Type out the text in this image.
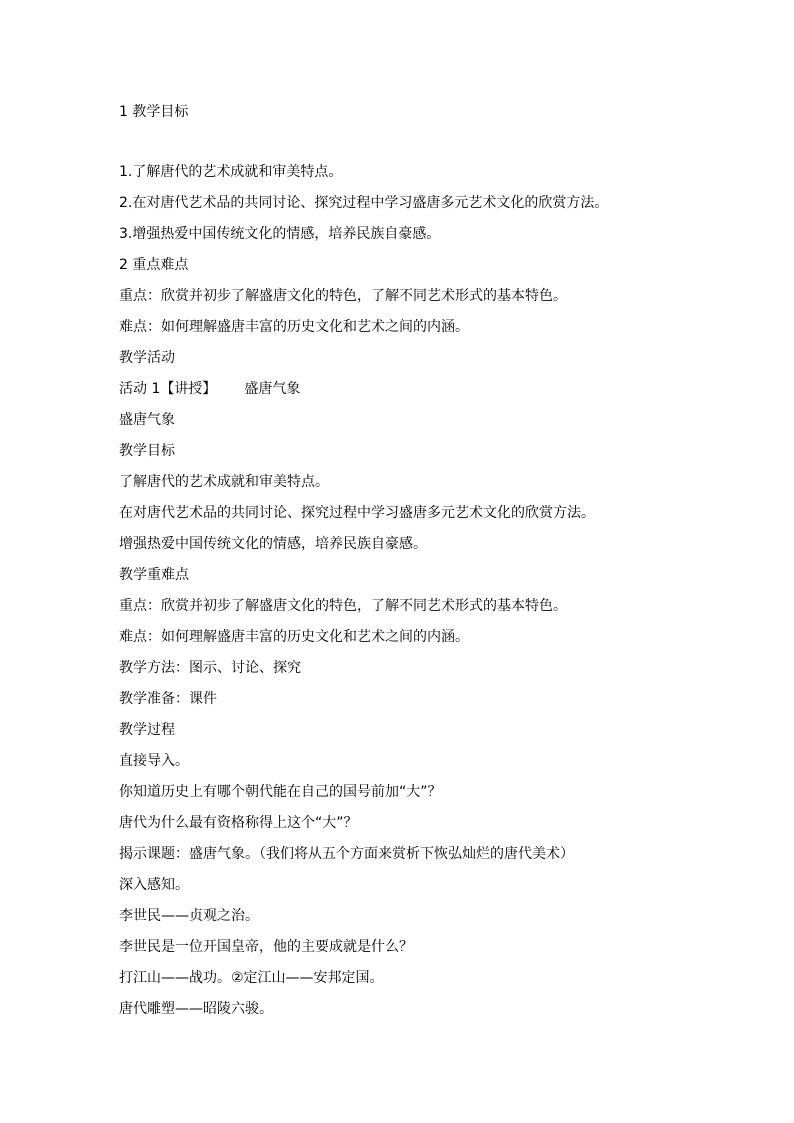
1 教学目标

1.了解唐代的艺术成就和审美特点。

2.在对唐代艺术品的共同讨论、探究过程中学习盛唐多元艺术文化的欣赏方法。

3.增强热爱中国传统文化的情感，培养民族自豪感。

2 重点难点

重点：欣赏并初步了解盛唐文化的特色，了解不同艺术形式的基本特色。

难点：如何理解盛唐丰富的历史文化和艺术之间的内涵。

教学活动

活动 1【讲授】 盛唐气象

盛唐气象

教学目标

了解唐代的艺术成就和审美特点。

在对唐代艺术品的共同讨论、探究过程中学习盛唐多元艺术文化的欣赏方法。

增强热爱中国传统文化的情感，培养民族自豪感。

教学重难点

重点：欣赏并初步了解盛唐文化的特色，了解不同艺术形式的基本特色。

难点：如何理解盛唐丰富的历史文化和艺术之间的内涵。

教学方法：图示、讨论、探究

教学准备：课件

教学过程

直接导入。

你知道历史上有哪个朝代能在自己的国号前加“大”？

唐代为什么最有资格称得上这个“大”？

揭示课题：盛唐气象。（我们将从五个方面来赏析下恢弘灿烂的唐代美术）

深入感知。

李世民——贞观之治。

李世民是一位开国皇帝，他的主要成就是什么？

打江山——战功。②定江山——安邦定国。

唐代雕塑——昭陵六骏。
